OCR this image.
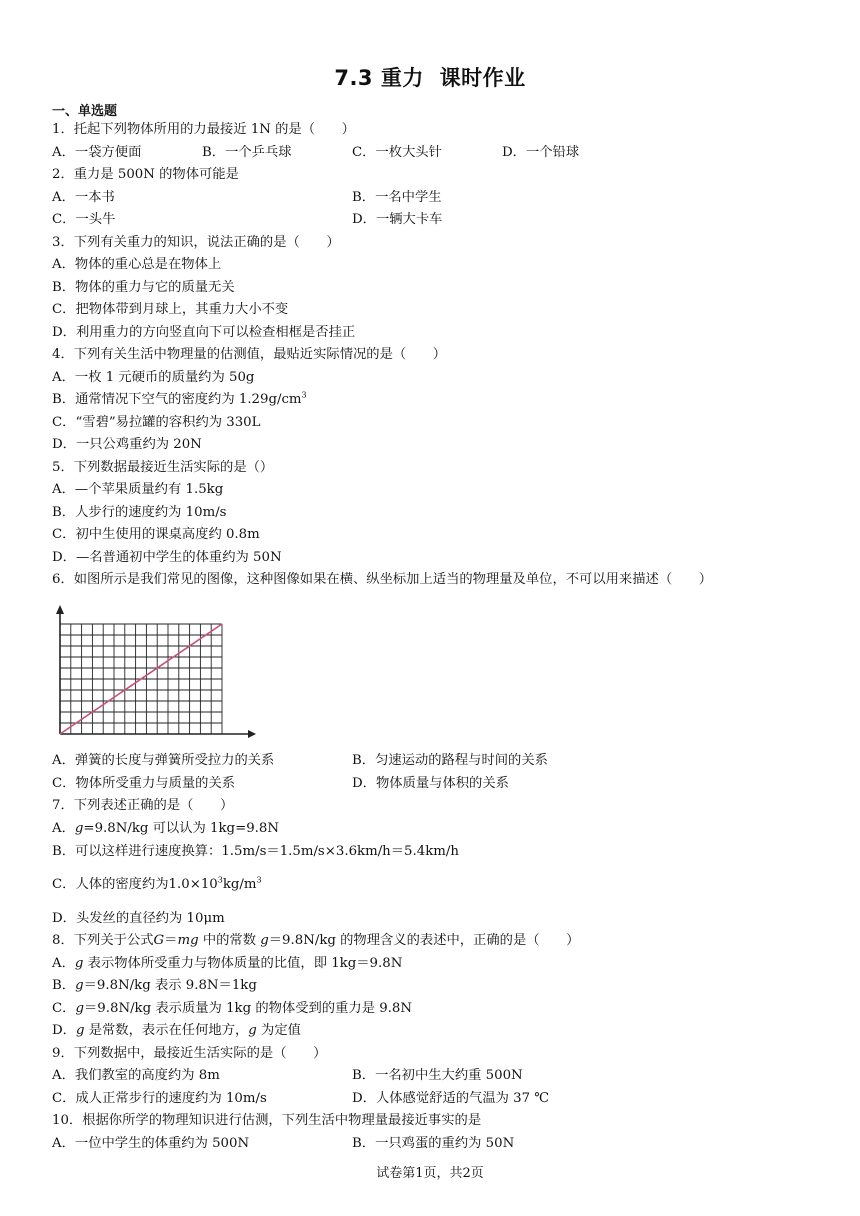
7.3 重力 课时作业
一、单选题
1．托起下列物体所用的力最接近 1N 的是（　　）
A．一袋方便面	B．一个乒乓球	C．一枚大头针	D．一个铅球
2．重力是 500N 的物体可能是
A．一本书	B．一名中学生
C．一头牛	D．一辆大卡车
3．下列有关重力的知识，说法正确的是（　　）
A．物体的重心总是在物体上
B．物体的重力与它的质量无关
C．把物体带到月球上，其重力大小不变
D．利用重力的方向竖直向下可以检查相框是否挂正
4．下列有关生活中物理量的估测值，最贴近实际情况的是（　　）
A．一枚 1 元硬币的质量约为 50g
B．通常情况下空气的密度约为 $1.29g/cm^3$
C．“雪碧”易拉罐的容积约为 330L
D．一只公鸡重约为 20N
5．下列数据最接近生活实际的是（）
A．—个苹果质量约有 1.5kg
B．人步行的速度约为 10m/s
C．初中生使用的课桌高度约 0.8m
D．—名普通初中学生的体重约为 50N
6．如图所示是我们常见的图像，这种图像如果在横、纵坐标加上适当的物理量及单位，不可以用来描述（　　）
A．弹簧的长度与弹簧所受拉力的关系	B．匀速运动的路程与时间的关系
C．物体所受重力与质量的关系	D．物体质量与体积的关系
7．下列表述正确的是（　　）
A．g=9.8N/kg 可以认为 1kg=9.8N
B．可以这样进行速度换算：1.5m/s＝1.5m/s×3.6km/h＝5.4km/h
C．人体的密度约为$1.0\times 10^3kg/m^3$
D．头发丝的直径约为 10μm
8．下列关于公式G＝mg 中的常数 g＝9.8N/kg 的物理含义的表述中，正确的是（　　）
A．g 表示物体所受重力与物体质量的比值，即 1kg＝9.8N
B．g＝9.8N/kg 表示 9.8N＝1kg
C．g＝9.8N/kg 表示质量为 1kg 的物体受到的重力是 9.8N
D．g 是常数，表示在任何地方，g 为定值
9．下列数据中，最接近生活实际的是（　　）
A．我们教室的高度约为 8m	B．一名初中生大约重 500N
C．成人正常步行的速度约为 10m/s	D．人体感觉舒适的气温为 37 ℃
10．根据你所学的物理知识进行估测，下列生活中物理量最接近事实的是
A．一位中学生的体重约为 500N	B．一只鸡蛋的重约为 50N
试卷第1页，共2页
